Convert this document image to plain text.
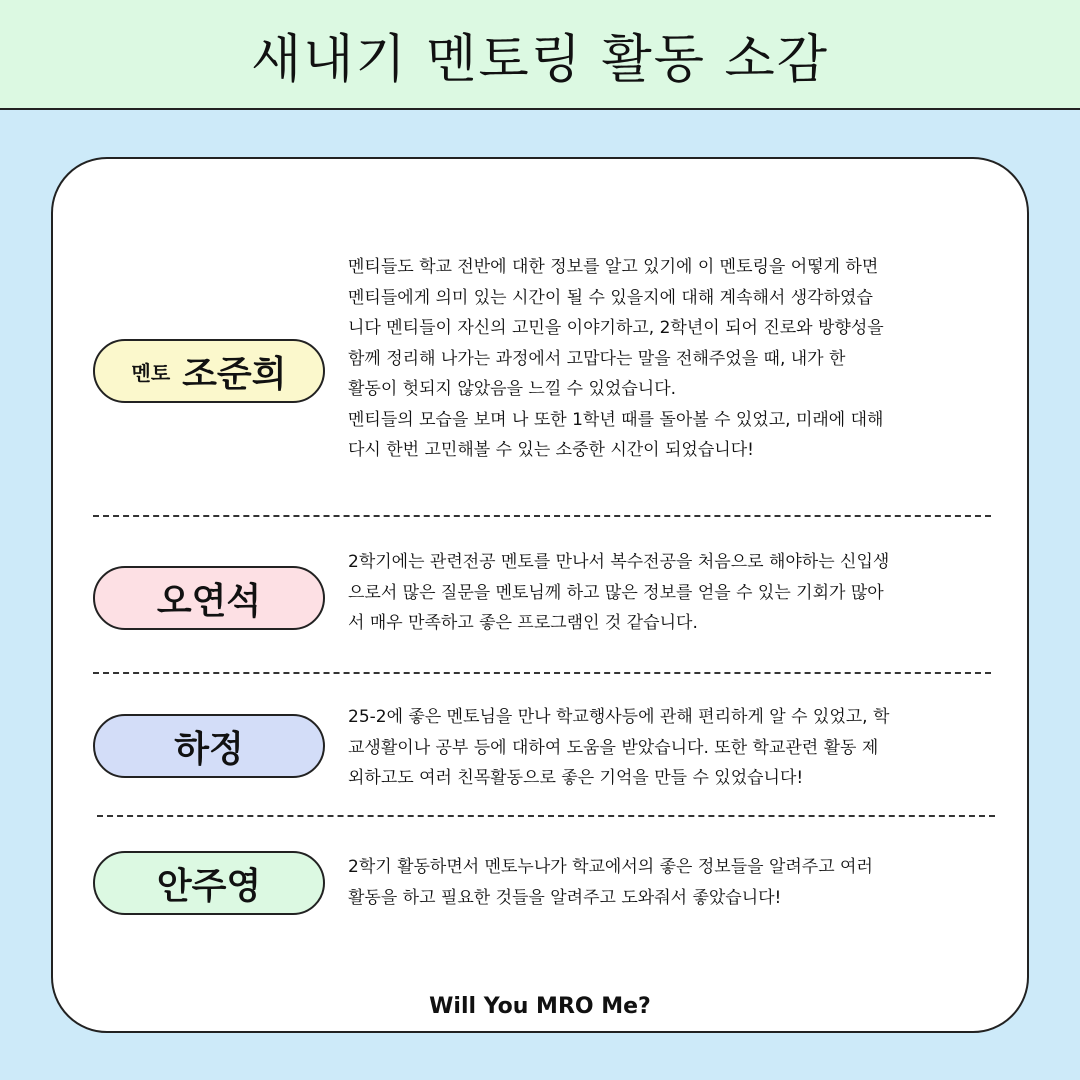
새내기 멘토링 활동 소감
멘토 조준희
멘티들도 학교 전반에 대한 정보를 알고 있기에 이 멘토링을 어떻게 하면
멘티들에게 의미 있는 시간이 될 수 있을지에 대해 계속해서 생각하였습
니다 멘티들이 자신의 고민을 이야기하고, 2학년이 되어 진로와 방향성을
함께 정리해 나가는 과정에서 고맙다는 말을 전해주었을 때, 내가 한
활동이 헛되지 않았음을 느낄 수 있었습니다.
멘티들의 모습을 보며 나 또한 1학년 때를 돌아볼 수 있었고, 미래에 대해
다시 한번 고민해볼 수 있는 소중한 시간이 되었습니다!
오연석
2학기에는 관련전공 멘토를 만나서 복수전공을 처음으로 해야하는 신입생
으로서 많은 질문을 멘토님께 하고 많은 정보를 얻을 수 있는 기회가 많아
서 매우 만족하고 좋은 프로그램인 것 같습니다.
하정
25-2에 좋은 멘토님을 만나 학교행사등에 관해 편리하게 알 수 있었고, 학
교생활이나 공부 등에 대하여 도움을 받았습니다. 또한 학교관련 활동 제
외하고도 여러 친목활동으로 좋은 기억을 만들 수 있었습니다!
안주영	2학기 활동하면서 멘토누나가 학교에서의 좋은 정보들을 알려주고 여러
활동을 하고 필요한 것들을 알려주고 도와줘서 좋았습니다!
Will You MRO Me?
